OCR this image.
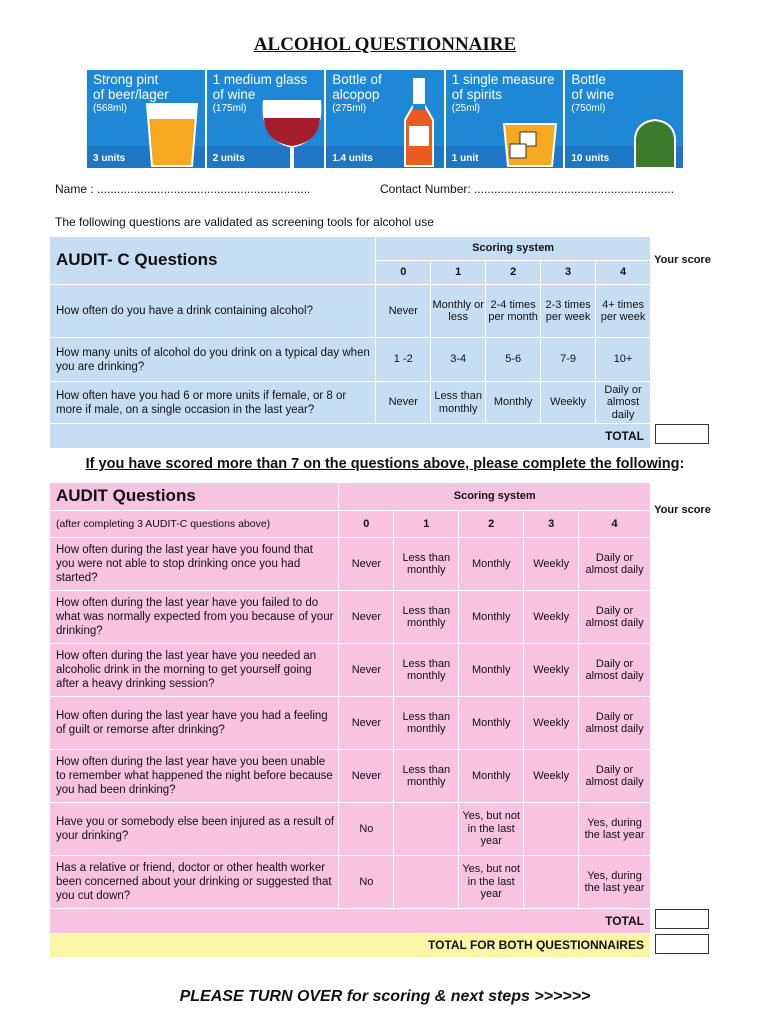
ALCOHOL QUESTIONNAIRE
Strong pint
of beer/lager
(568ml)
3 units
1 medium glass
of wine
(175ml)
2 units
Bottle of
alcopop
(275ml)
1.4 units
1 single measure
of spirits
(25ml)
1 unit
Bottle
of wine
(750ml)
10 units
Name : ................................................................	Contact Number: ............................................................
The following questions are validated as screening tools for alcohol use
AUDIT- C Questions	Scoring system					Your score
	0	1	2	3	4	
How often do you have a drink containing alcohol?	Never	Monthly or less	2-4 times per month	2-3 times per week	4+ times per week	
How many units of alcohol do you drink on a typical day when you are drinking?	1 -2	3-4	5-6	7-9	10+	
How often have you had 6 or more units if female, or 8 or more if male, on a single occasion in the last year?	Never	Less than monthly	Monthly	Weekly	Daily or almost daily	
TOTAL						
If you have scored more than 7 on the questions above, please complete the following:
AUDIT Questions	Scoring system					Your score
(after completing 3 AUDIT-C questions above)	0	1	2	3	4	
How often during the last year have you found that you were not able to stop drinking once you had started?	Never	Less than monthly	Monthly	Weekly	Daily or almost daily	
How often during the last year have you failed to do what was normally expected from you because of your drinking?	Never	Less than monthly	Monthly	Weekly	Daily or almost daily	
How often during the last year have you needed an alcoholic drink in the morning to get yourself going after a heavy drinking session?	Never	Less than monthly	Monthly	Weekly	Daily or almost daily	
How often during the last year have you had a feeling of guilt or remorse after drinking?	Never	Less than monthly	Monthly	Weekly	Daily or almost daily	
How often during the last year have you been unable to remember what happened the night before because you had been drinking?	Never	Less than monthly	Monthly	Weekly	Daily or almost daily	
Have you or somebody else been injured as a result of your drinking?	No		Yes, but not in the last year		Yes, during the last year	
Has a relative or friend, doctor or other health worker been concerned about your drinking or suggested that you cut down?	No		Yes, but not in the last year		Yes, during the last year	
TOTAL						
TOTAL FOR BOTH QUESTIONNAIRES						
PLEASE TURN OVER for scoring & next steps >>>>>>
